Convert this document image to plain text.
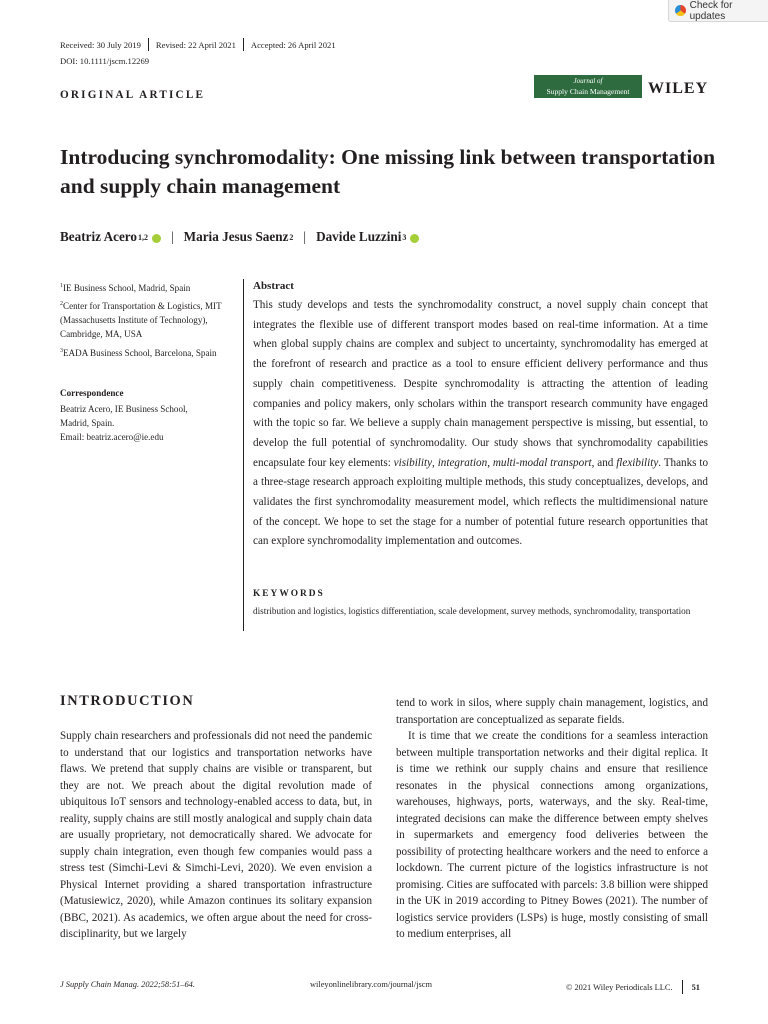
Check for updates
Received: 30 July 2019 Revised: 22 April 2021 Accepted: 26 April 2021
DOI: 10.1111/jscm.12269
ORIGINAL ARTICLE
Journal of
Supply Chain Management	WILEY
Introducing synchromodality: One missing link between transportation and supply chain management
Beatriz Acero 1,2 | Maria Jesus Saenz 2 | Davide Luzzini 3
$^1$IE Business School, Madrid, Spain
$^2$Center for Transportation & Logistics, MIT (Massachusetts Institute of Technology), Cambridge, MA, USA
$^3$EADA Business School, Barcelona, Spain
Correspondence
Beatriz Acero, IE Business School,
Madrid, Spain.
Email: beatriz.acero@ie.edu
Abstract
This study develops and tests the synchromodality construct, a novel supply chain concept that integrates the flexible use of different transport modes based on real-time information. At a time when global supply chains are complex and subject to uncertainty, synchromodality has emerged at the forefront of research and practice as a tool to ensure efficient delivery performance and thus supply chain competitiveness. Despite synchromodality is attracting the attention of leading companies and policy makers, only scholars within the transport research community have engaged with the topic so far. We believe a supply chain management perspective is missing, but essential, to develop the full potential of synchromodality. Our study shows that synchromodality capabilities encapsulate four key elements: visibility, integration, multi-modal transport, and flexibility. Thanks to a three-stage research approach exploiting multiple methods, this study conceptualizes, develops, and validates the first synchromodality measurement model, which reflects the multidimensional nature of the concept. We hope to set the stage for a number of potential future research opportunities that can explore synchromodality implementation and outcomes.
KEYWORDS
distribution and logistics, logistics differentiation, scale development, survey methods, synchromodality, transportation
INTRODUCTION

Supply chain researchers and professionals did not need the pandemic to understand that our logistics and transportation networks have flaws. We pretend that supply chains are visible or transparent, but they are not. We preach about the digital revolution made of ubiquitous IoT sensors and technology-enabled access to data, but, in reality, supply chains are still mostly analogical and supply chain data are usually proprietary, not democratically shared. We advocate for supply chain integration, even though few companies would pass a stress test (Simchi-Levi & Simchi-Levi, 2020). We even envision a Physical Internet providing a shared transportation infrastructure (Matusiewicz, 2020), while Amazon continues its solitary expansion (BBC, 2021). As academics, we often argue about the need for cross-disciplinarity, but we largely

tend to work in silos, where supply chain management, logistics, and transportation are conceptualized as separate fields.

It is time that we create the conditions for a seamless interaction between multiple transportation networks and their digital replica. It is time we rethink our supply chains and ensure that resilience resonates in the physical connections among organizations, warehouses, highways, ports, waterways, and the sky. Real-time, integrated decisions can make the difference between empty shelves in supermarkets and emergency food deliveries between the possibility of protecting healthcare workers and the need to enforce a lockdown. The current picture of the logistics infrastructure is not promising. Cities are suffocated with parcels: 3.8 billion were shipped in the UK in 2019 according to Pitney Bowes (2021). The number of logistics service providers (LSPs) is huge, mostly consisting of small to medium enterprises, all

J Supply Chain Manag. 2022;58:51–64.	wileyonlinelibrary.com/journal/jscm	© 2021 Wiley Periodicals LLC. 51
